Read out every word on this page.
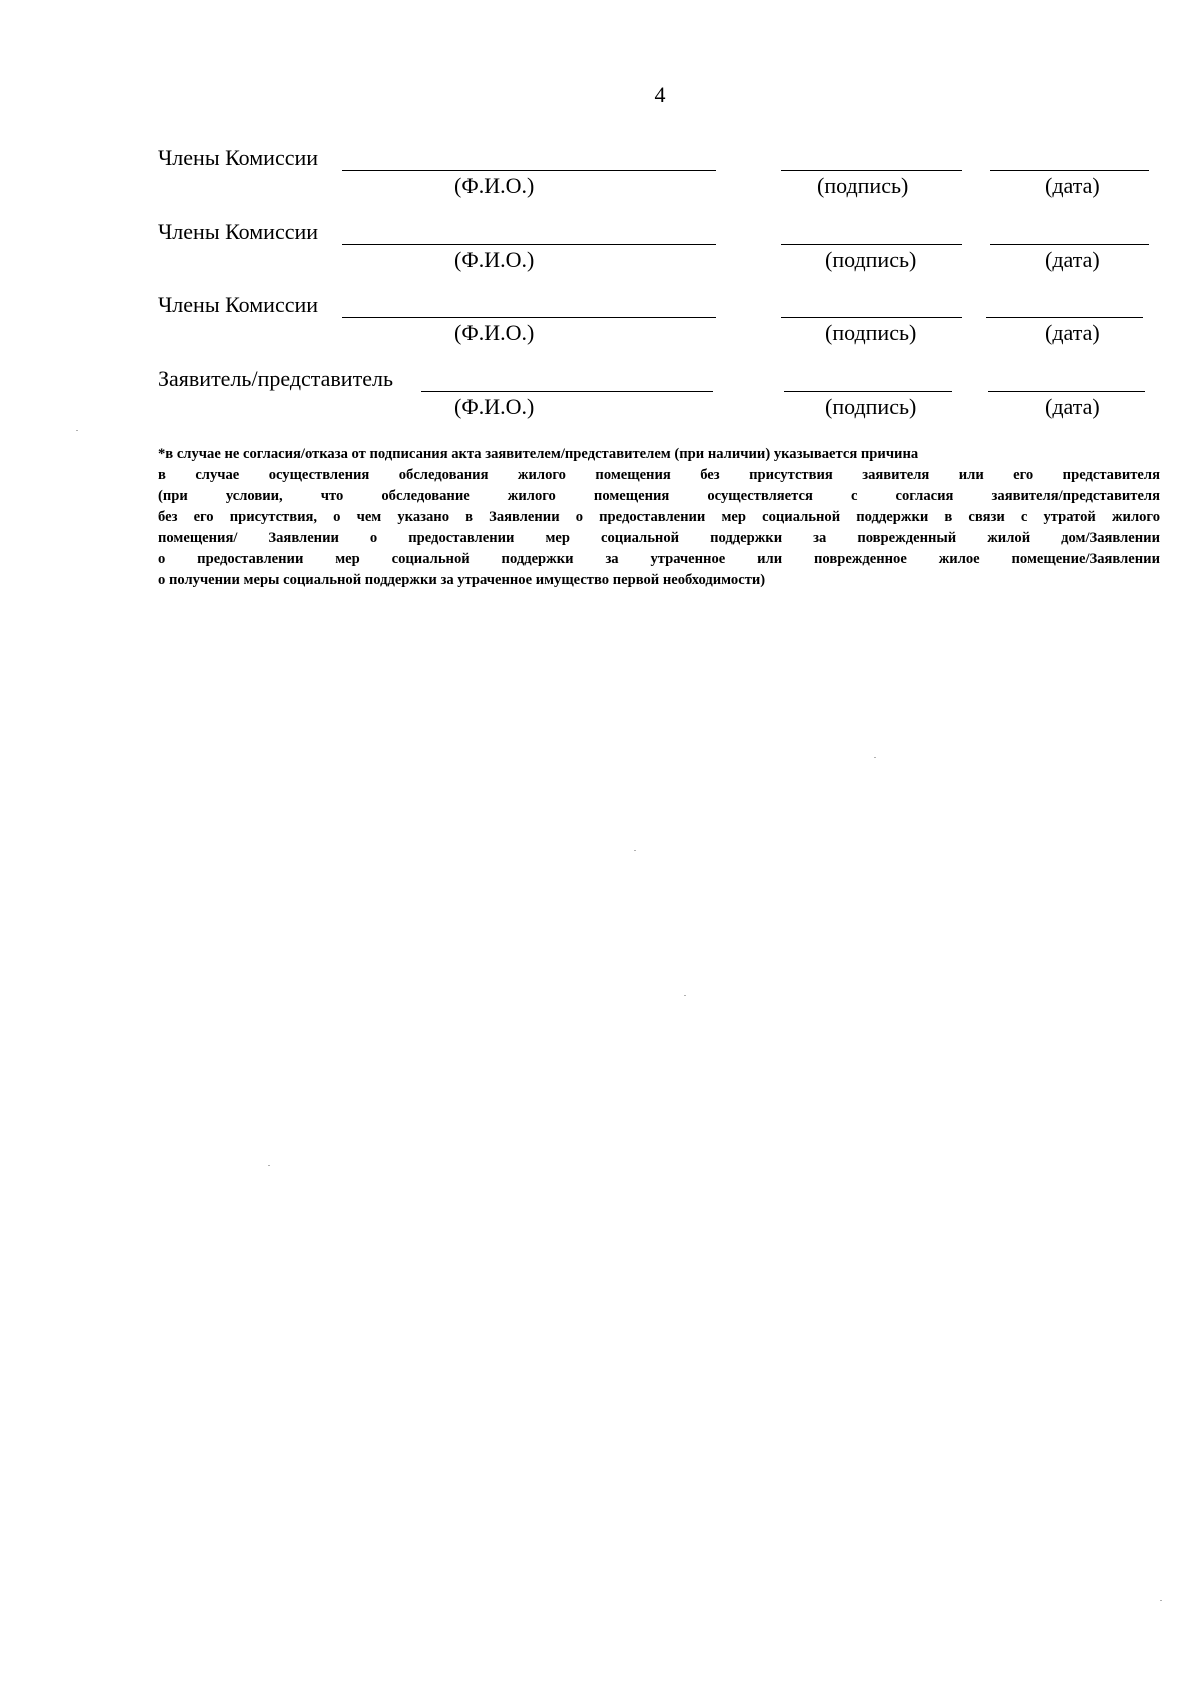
4
Члены Комиссии
(Ф.И.О.)	(подпись)	(дата)
Члены Комиссии
(Ф.И.О.)	(подпись)	(дата)
Члены Комиссии
(Ф.И.О.)	(подпись)	(дата)
Заявитель/представитель
(Ф.И.О.)	(подпись)	(дата)
*в случае не согласия/отказа от подписания акта заявителем/представителем (при наличии) указывается причина
в случае осуществления обследования жилого помещения без присутствия заявителя или его представителя
(при условии, что обследование жилого помещения осуществляется с согласия заявителя/представителя
без его присутствия, о чем указано в Заявлении о предоставлении мер социальной поддержки в связи с утратой жилого
помещения/ Заявлении о предоставлении мер социальной поддержки за поврежденный жилой дом/Заявлении
о предоставлении мер социальной поддержки за утраченное или поврежденное жилое помещение/Заявлении
о получении меры социальной поддержки за утраченное имущество первой необходимости)
